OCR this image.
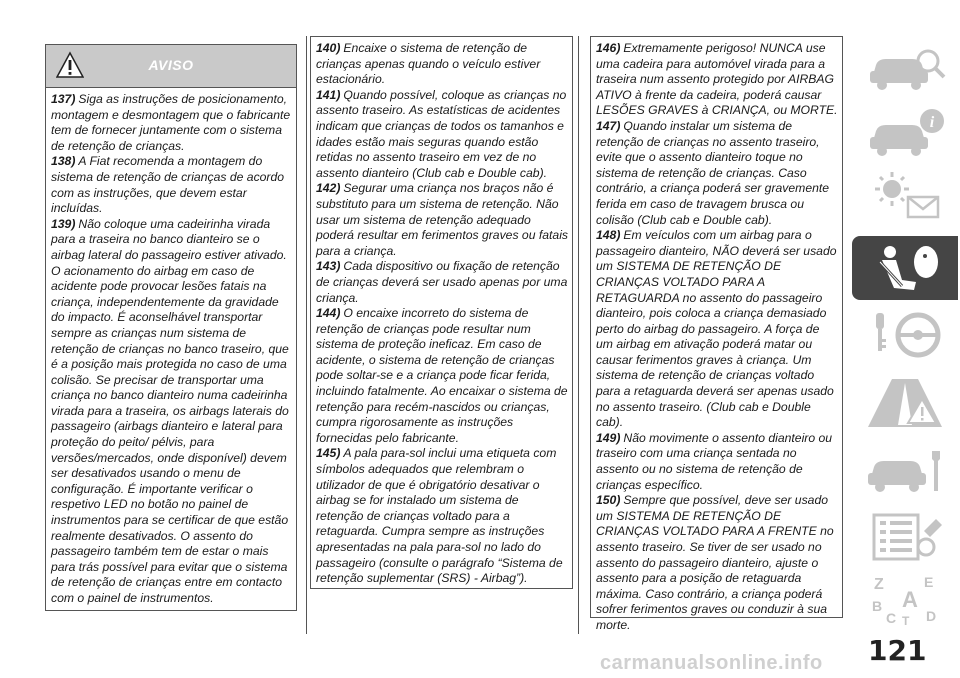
AVISO

137) Siga as instruções de posicionamento, montagem e desmontagem que o fabricante tem de fornecer juntamente com o sistema de retenção de crianças.

138) A Fiat recomenda a montagem do sistema de retenção de crianças de acordo com as instruções, que devem estar incluídas.

139) Não coloque uma cadeirinha virada para a traseira no banco dianteiro se o airbag lateral do passageiro estiver ativado. O acionamento do airbag em caso de acidente pode provocar lesões fatais na criança, independentemente da gravidade do impacto. É aconselhável transportar sempre as crianças num sistema de retenção de crianças no banco traseiro, que é a posição mais protegida no caso de uma colisão. Se precisar de transportar uma criança no banco dianteiro numa cadeirinha virada para a traseira, os airbags laterais do passageiro (airbags dianteiro e lateral para proteção do peito/ pélvis, para versões/mercados, onde disponível) devem ser desativados usando o menu de configuração. É importante verificar o respetivo LED no botão no painel de instrumentos para se certificar de que estão realmente desativados. O assento do passageiro também tem de estar o mais para trás possível para evitar que o sistema de retenção de crianças entre em contacto com o painel de instrumentos.

140) Encaixe o sistema de retenção de crianças apenas quando o veículo estiver estacionário.

141) Quando possível, coloque as crianças no assento traseiro. As estatísticas de acidentes indicam que crianças de todos os tamanhos e idades estão mais seguras quando estão retidas no assento traseiro em vez de no assento dianteiro (Club cab e Double cab).

142) Segurar uma criança nos braços não é substituto para um sistema de retenção. Não usar um sistema de retenção adequado poderá resultar em ferimentos graves ou fatais para a criança.

143) Cada dispositivo ou fixação de retenção de crianças deverá ser usado apenas por uma criança.

144) O encaixe incorreto do sistema de retenção de crianças pode resultar num sistema de proteção ineficaz. Em caso de acidente, o sistema de retenção de crianças pode soltar-se e a criança pode ficar ferida, incluindo fatalmente. Ao encaixar o sistema de retenção para recém-nascidos ou crianças, cumpra rigorosamente as instruções fornecidas pelo fabricante.

145) A pala para-sol inclui uma etiqueta com símbolos adequados que relembram o utilizador de que é obrigatório desativar o airbag se for instalado um sistema de retenção de crianças voltado para a retaguarda. Cumpra sempre as instruções apresentadas na pala para-sol no lado do passageiro (consulte o parágrafo “Sistema de retenção suplementar (SRS) - Airbag”).

146) Extremamente perigoso! NUNCA use uma cadeira para automóvel virada para a traseira num assento protegido por AIRBAG ATIVO à frente da cadeira, poderá causar LESÕES GRAVES à CRIANÇA, ou MORTE.

147) Quando instalar um sistema de retenção de crianças no assento traseiro, evite que o assento dianteiro toque no sistema de retenção de crianças. Caso contrário, a criança poderá ser gravemente ferida em caso de travagem brusca ou colisão (Club cab e Double cab).

148) Em veículos com um airbag para o passageiro dianteiro, NÃO deverá ser usado um SISTEMA DE RETENÇÃO DE CRIANÇAS VOLTADO PARA A RETAGUARDA no assento do passageiro dianteiro, pois coloca a criança demasiado perto do airbag do passageiro. A força de um airbag em ativação poderá matar ou causar ferimentos graves à criança. Um sistema de retenção de crianças voltado para a retaguarda deverá ser apenas usado no assento traseiro. (Club cab e Double cab).

149) Não movimente o assento dianteiro ou traseiro com uma criança sentada no assento ou no sistema de retenção de crianças específico.

150) Sempre que possível, deve ser usado um SISTEMA DE RETENÇÃO DE CRIANÇAS VOLTADO PARA A FRENTE no assento traseiro. Se tiver de ser usado no assento do passageiro dianteiro, ajuste o assento para a posição de retaguarda máxima. Caso contrário, a criança poderá sofrer ferimentos graves ou conduzir à sua morte.

i
Z	E
B A
C T D
121
carmanualsonline.info
